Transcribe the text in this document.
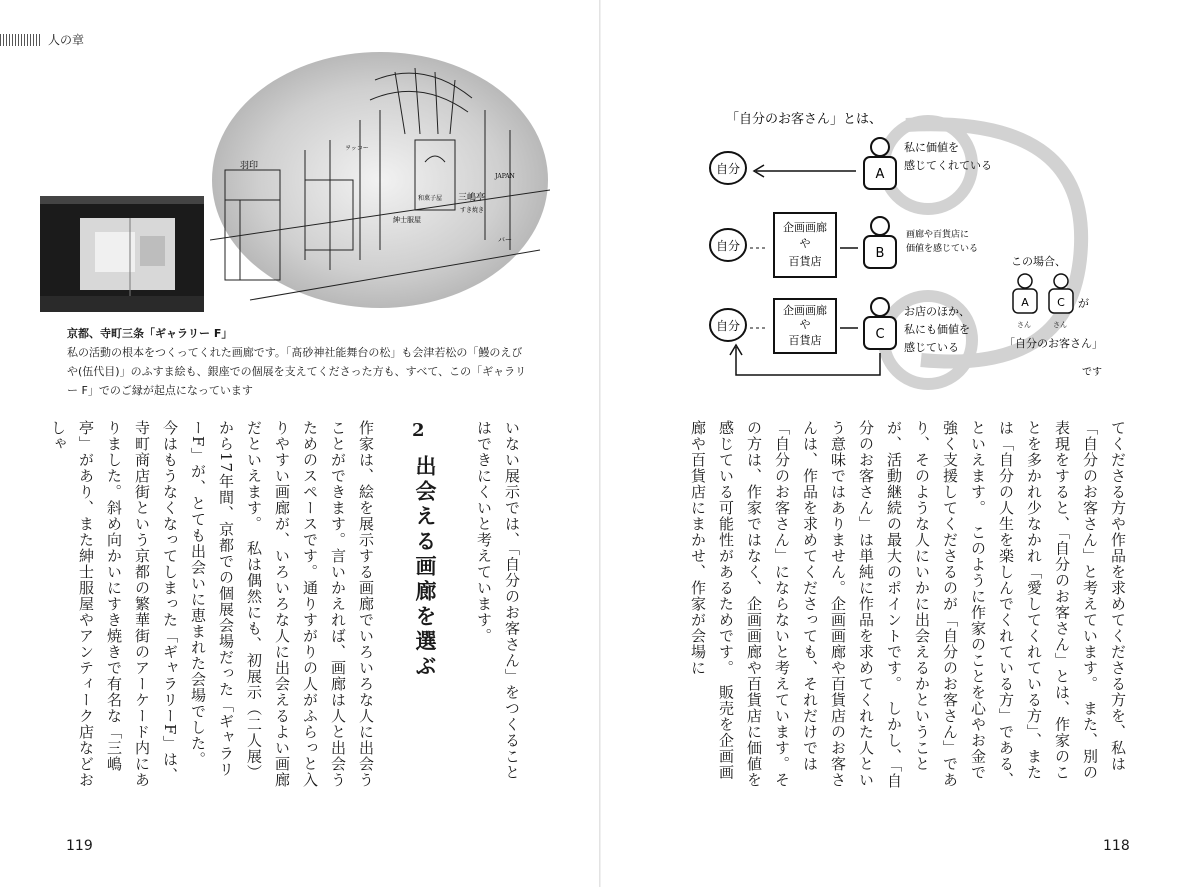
人の章
羽印
ヲッコー
JAPAN
バー
紳士服屋
和菓子屋 三嶋亭
すき焼き
京都、寺町三条「ギャラリー F」
私の活動の根本をつくってくれた画廊です。「髙砂神社能舞台の松」も会津若松の「鰻のえびや(伍代目)」のふすま絵も、銀座での個展を支えてくださった方も、すべて、この「ギャラリー F」でのご縁が起点になっています
「自分のお客さん」とは、
自分	A
私に価値を
感じてくれている
自分
企画画廊
や
百貨店
B
画廊や百貨店に
価値を感じている
自分
企画画廊
や
百貨店	C
お店のほか、
私にも価値を
感じている
この場合、
A	C
さん	さん
が
「自分のお客さん」
です
てくださる方や作品を求めてくださる方を、私は「自分のお客さん」と考えています。　また、別の表現をすると、「自分のお客さん」とは、作家のことを多かれ少なかれ「愛してくれている方」、または「自分の人生を楽しんでくれている方」である、といえます。　このように作家のことを心やお金で強く支援してくださるのが「自分のお客さん」であり、そのような人にいかに出会えるかということが、活動継続の最大のポイントです。　しかし、「自分のお客さん」は単純に作品を求めてくれた人という意味ではありません。企画画廊や百貨店のお客さんは、作品を求めてくださっても、それだけでは「自分のお客さん」にならないと考えています。その方は、作家ではなく、企画画廊や百貨店に価値を感じている可能性があるためです。　販売を企画画廊や百貨店にまかせ、作家が会場に
2
出会える画廊を選ぶ	いない展示では、「自分のお客さん」をつくることはできにくいと考えています。
作家は、絵を展示する画廊でいろいろな人に出会うことができます。言いかえれば、画廊は人と出会うためのスペースです。通りすがりの人がふらっと入りやすい画廊が、いろいろな人に出会えるよい画廊だといえます。　私は偶然にも、初展示（二人展）から17年間、京都での個展会場だった「ギャラリーF」が、とても出会いに恵まれた会場でした。　今はもうなくなってしまった「ギャラリーF」は、寺町商店街という京都の繁華街のアーケード内にありました。斜め向かいにすき焼きで有名な「三嶋亭」があり、また紳士服屋やアンティーク店などおしゃ
119	118
